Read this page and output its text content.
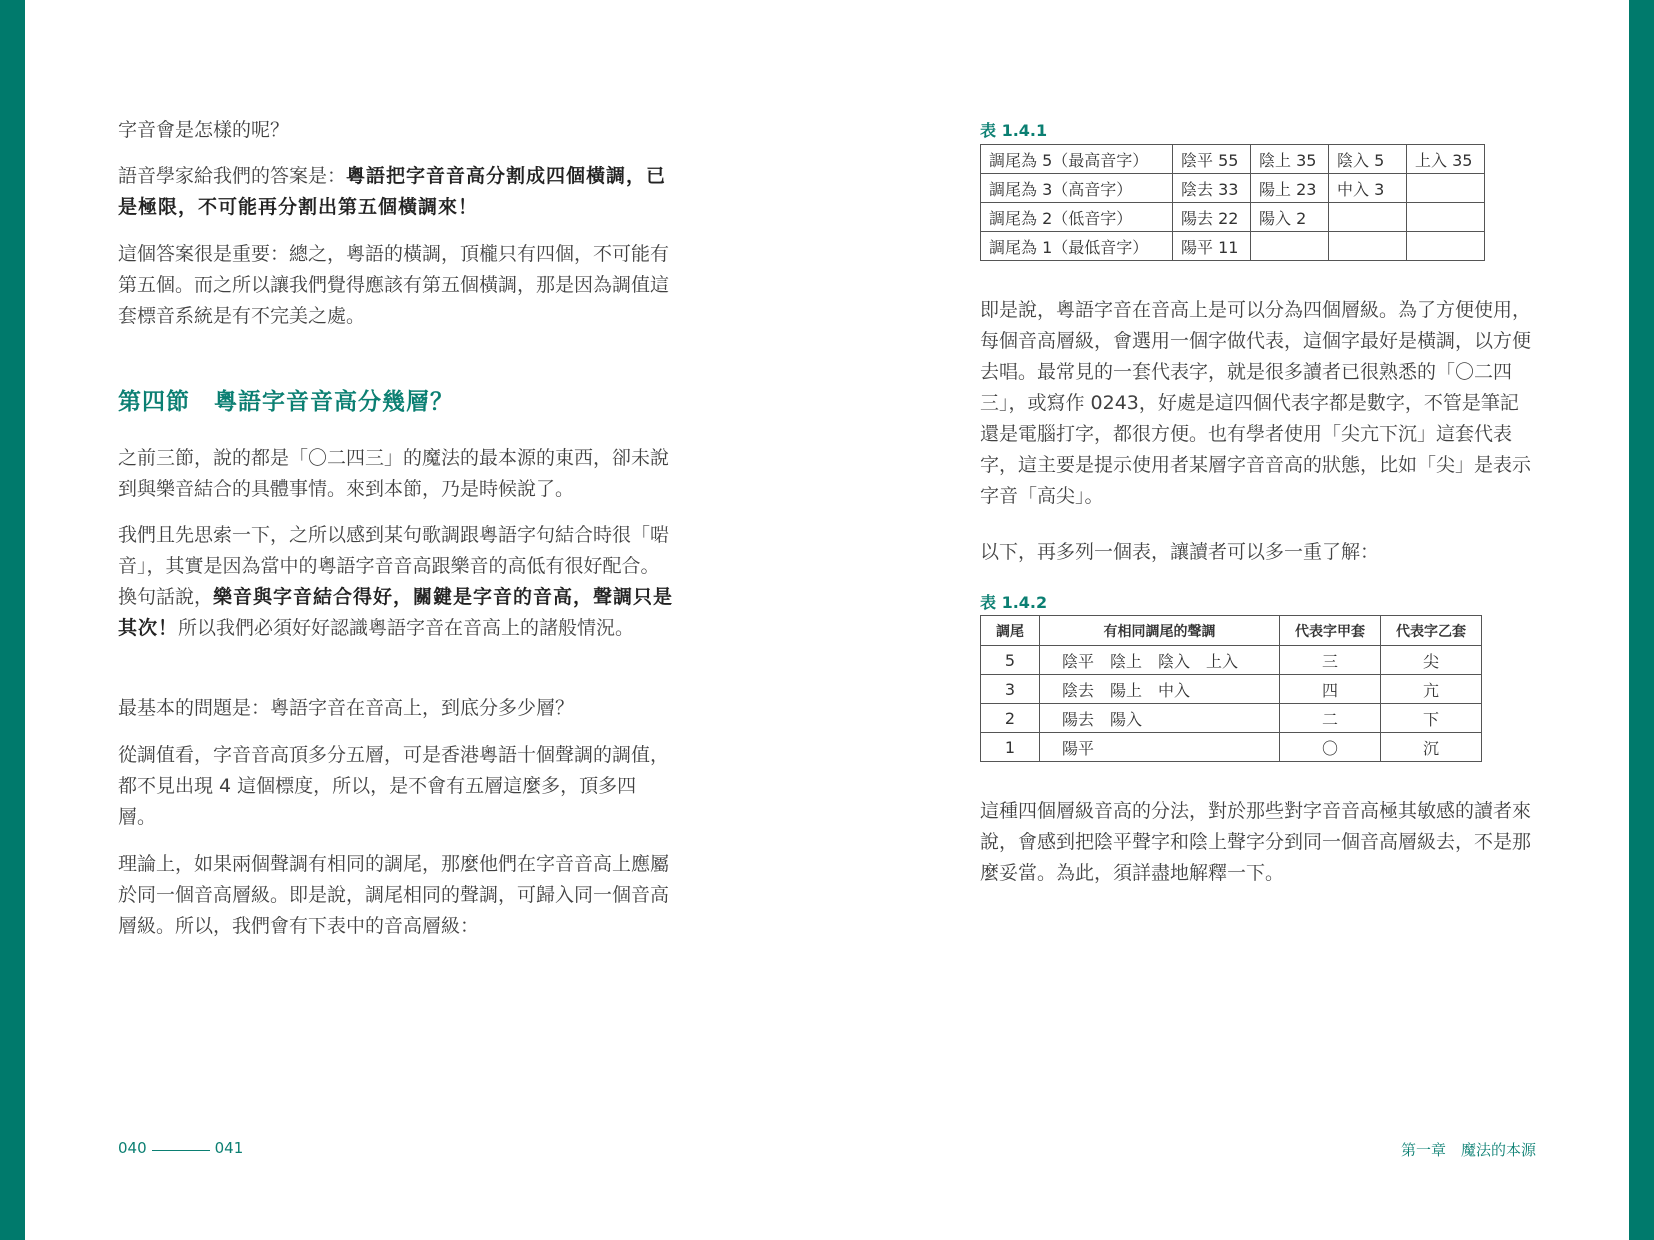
字音會是怎樣的呢？

語音學家給我們的答案是：粵語把字音音高分割成四個橫調，已是極限，不可能再分割出第五個橫調來！

這個答案很是重要：總之，粵語的橫調，頂櫳只有四個，不可能有第五個。而之所以讓我們覺得應該有第五個橫調，那是因為調值這套標音系統是有不完美之處。

第四節　粵語字音音高分幾層？

之前三節，說的都是「〇二四三」的魔法的最本源的東西，卻未說到與樂音結合的具體事情。來到本節，乃是時候說了。

我們且先思索一下，之所以感到某句歌調跟粵語字句結合時很「啱音」，其實是因為當中的粵語字音音高跟樂音的高低有很好配合。換句話說，樂音與字音結合得好，關鍵是字音的音高，聲調只是其次！所以我們必須好好認識粵語字音在音高上的諸般情況。

最基本的問題是：粵語字音在音高上，到底分多少層？

從調值看，字音音高頂多分五層，可是香港粵語十個聲調的調值，都不見出現 4 這個標度，所以，是不會有五層這麼多，頂多四層。

理論上，如果兩個聲調有相同的調尾，那麼他們在字音音高上應屬於同一個音高層級。即是說，調尾相同的聲調，可歸入同一個音高層級。所以，我們會有下表中的音高層級：

表 1.4.1
調尾為 5（最高音字）	陰平 55	陰上 35	陰入 5	上入 35
調尾為 3（高音字）	陰去 33	陽上 23	中入 3	
調尾為 2（低音字）	陽去 22	陽入 2		
調尾為 1（最低音字）	陽平 11			

即是說，粵語字音在音高上是可以分為四個層級。為了方便使用，每個音高層級，會選用一個字做代表，這個字最好是橫調，以方便去唱。最常見的一套代表字，就是很多讀者已很熟悉的「〇二四三」，或寫作 0243，好處是這四個代表字都是數字，不管是筆記還是電腦打字，都很方便。也有學者使用「尖亢下沉」這套代表字，這主要是提示使用者某層字音音高的狀態，比如「尖」是表示字音「高尖」。

以下，再多列一個表，讓讀者可以多一重了解：

表 1.4.2
調尾	有相同調尾的聲調	代表字甲套	代表字乙套
5	陰平　陰上　陰入　上入	三	尖
3	陰去　陽上　中入	四	亢
2	陽去　陽入	二	下
1	陽平	〇	沉

這種四個層級音高的分法，對於那些對字音音高極其敏感的讀者來說，會感到把陰平聲字和陰上聲字分到同一個音高層級去，不是那麼妥當。為此，須詳盡地解釋一下。

040	041	第一章　魔法的本源
